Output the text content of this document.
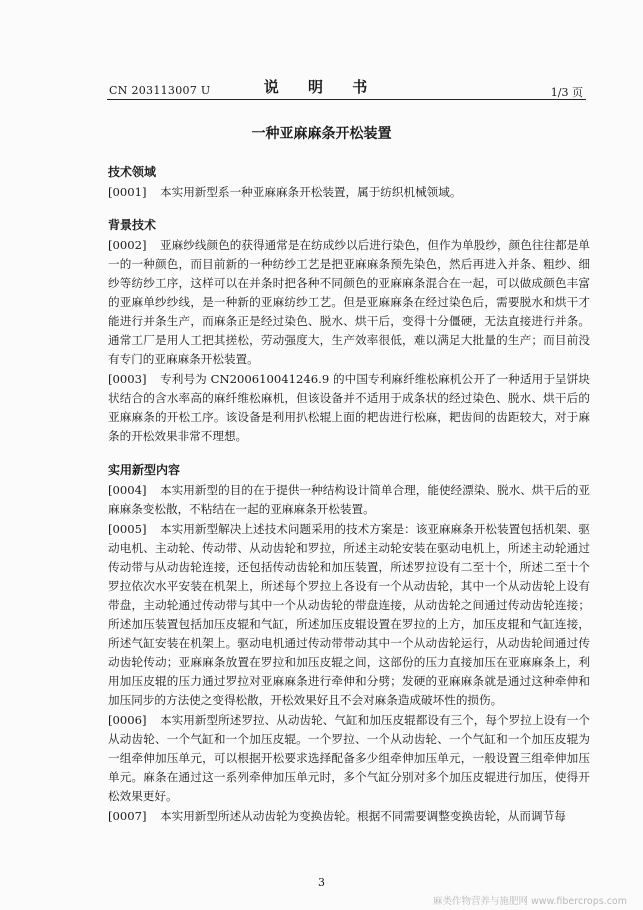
CN 203113007 U	说 明 书	1/3 页
一种亚麻麻条开松装置
技术领域
[0001] 本实用新型系一种亚麻麻条开松装置，属于纺织机械领域。
背景技术
[0002] 亚麻纱线颜色的获得通常是在纺成纱以后进行染色，但作为单股纱，颜色往往都是单一的一种颜色，而目前新的一种纺纱工艺是把亚麻麻条预先染色，然后再进入并条、粗纱、细纱等纺纱工序，这样可以在并条时把各种不同颜色的亚麻麻条混合在一起，可以做成颜色丰富的亚麻单纱纱线，是一种新的亚麻纺纱工艺。但是亚麻麻条在经过染色后，需要脱水和烘干才能进行并条生产，而麻条正是经过染色、脱水、烘干后，变得十分僵硬，无法直接进行并条。通常工厂是用人工把其搓松，劳动强度大，生产效率很低，难以满足大批量的生产；而目前没有专门的亚麻麻条开松装置。
[0003] 专利号为 CN200610041246.9 的中国专利麻纤维松麻机公开了一种适用于呈饼块状结合的含水率高的麻纤维松麻机，但该设备并不适用于成条状的经过染色、脱水、烘干后的亚麻麻条的开松工序。该设备是利用扒松辊上面的耙齿进行松麻，耙齿间的齿距较大，对于麻条的开松效果非常不理想。
实用新型内容
[0004] 本实用新型的目的在于提供一种结构设计简单合理，能使经漂染、脱水、烘干后的亚麻麻条变松散，不粘结在一起的亚麻麻条开松装置。
[0005] 本实用新型解决上述技术问题采用的技术方案是：该亚麻麻条开松装置包括机架、驱动电机、主动轮、传动带、从动齿轮和罗拉，所述主动轮安装在驱动电机上，所述主动轮通过传动带与从动齿轮连接，还包括传动齿轮和加压装置，所述罗拉设有二至十个，所述二至十个罗拉依次水平安装在机架上，所述每个罗拉上各设有一个从动齿轮，其中一个从动齿轮上设有带盘，主动轮通过传动带与其中一个从动齿轮的带盘连接，从动齿轮之间通过传动齿轮连接；所述加压装置包括加压皮辊和气缸，所述加压皮辊设置在罗拉的上方，加压皮辊和气缸连接，所述气缸安装在机架上。驱动电机通过传动带带动其中一个从动齿轮运行，从动齿轮间通过传动齿轮传动；亚麻麻条放置在罗拉和加压皮辊之间，这部份的压力直接加压在亚麻麻条上，利用加压皮辊的压力通过罗拉对亚麻麻条进行牵伸和分劈；发硬的亚麻麻条就是通过这种牵伸和加压同步的方法使之变得松散，开松效果好且不会对麻条造成破坏性的损伤。
[0006] 本实用新型所述罗拉、从动齿轮、气缸和加压皮辊都设有三个，每个罗拉上设有一个从动齿轮、一个气缸和一个加压皮辊。一个罗拉、一个从动齿轮、一个气缸和一个加压皮辊为一组牵伸加压单元，可以根据开松要求选择配备多少组牵伸加压单元，一般设置三组牵伸加压单元。麻条在通过这一系列牵伸加压单元时，多个气缸分别对多个加压皮辊进行加压，使得开松效果更好。
[0007] 本实用新型所述从动齿轮为变换齿轮。根据不同需要调整变换齿轮，从而调节每
3
麻类作物营养与施肥网 www.fibercrops.com
